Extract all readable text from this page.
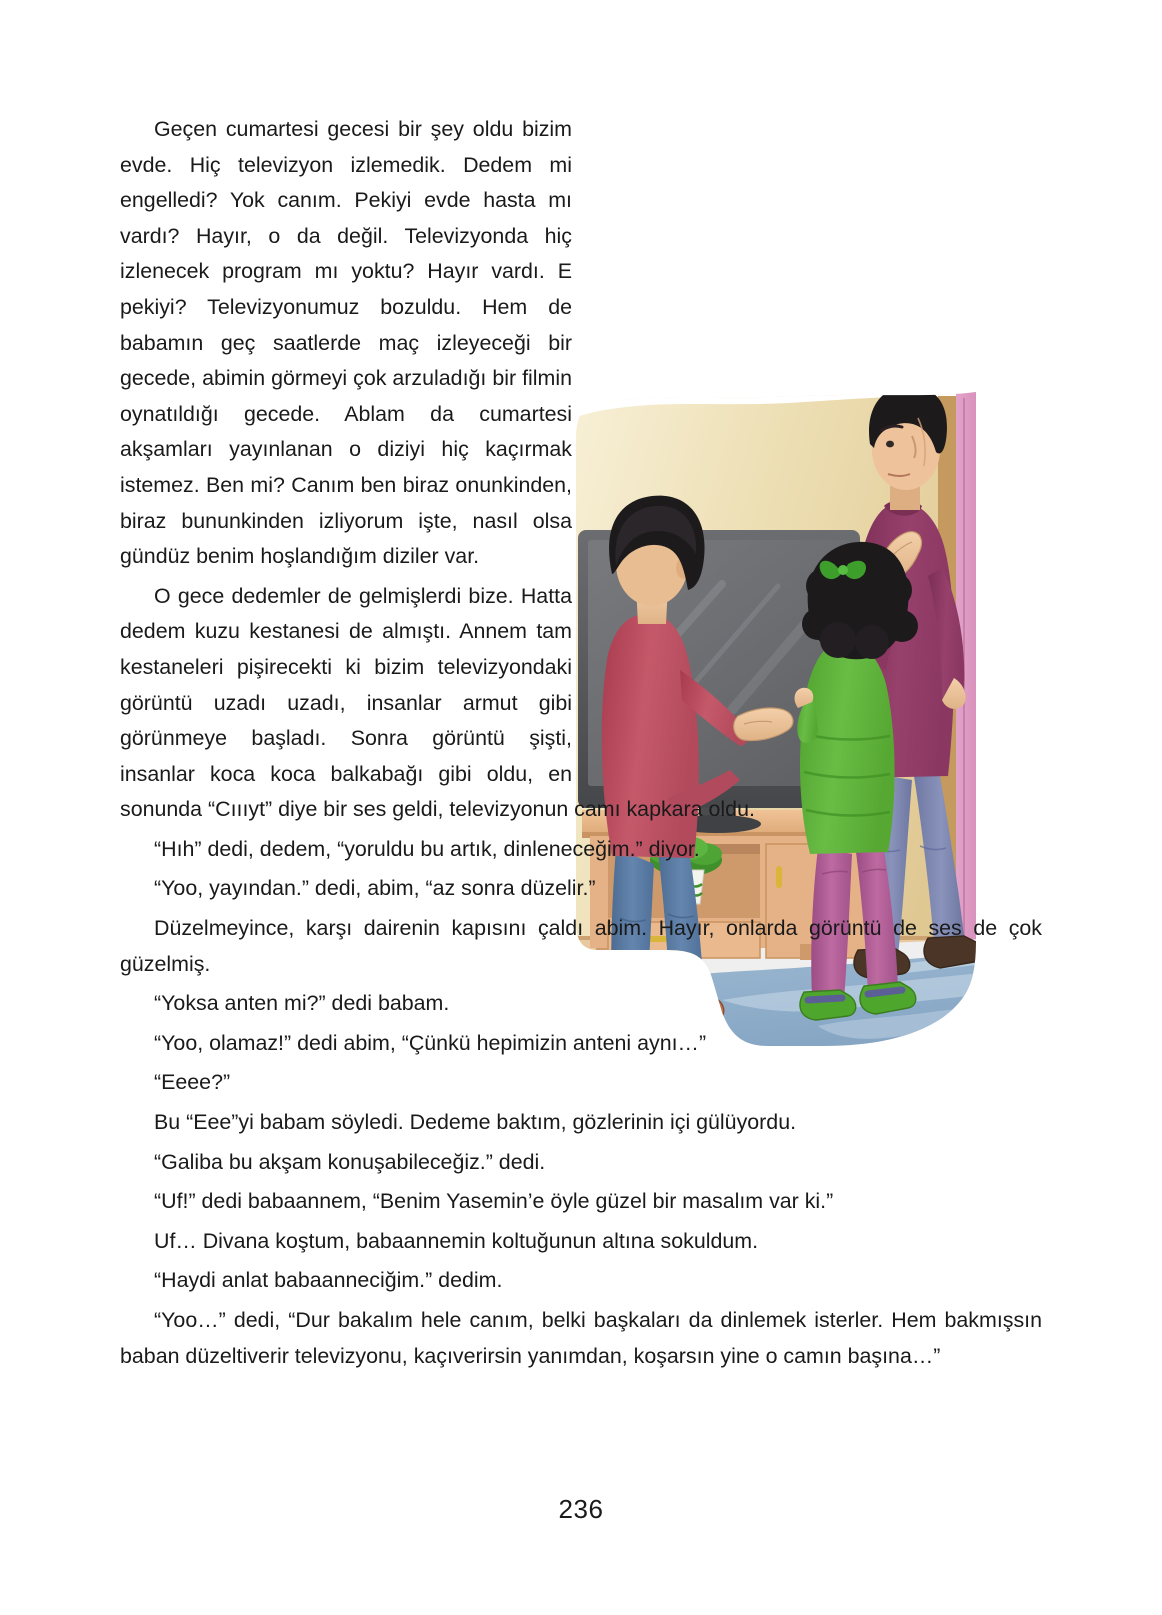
Geçen cumartesi gecesi bir şey oldu bizim evde. Hiç televizyon izlemedik. Dedem mi engelledi? Yok canım. Pekiyi evde hasta mı vardı? Hayır, o da değil. Televizyonda hiç izlenecek program mı yoktu? Hayır vardı. E pekiyi? Televizyonumuz bozuldu. Hem de babamın geç saatlerde maç izleyeceği bir gecede, abimin görmeyi çok arzuladığı bir filmin oynatıldığı gecede. Ablam da cumartesi akşamları yayınlanan o diziyi hiç kaçırmak istemez. Ben mi? Canım ben biraz onunkinden, biraz bununkinden izliyorum işte, nasıl olsa gündüz benim hoşlandığım diziler var.

O gece dedemler de gelmişlerdi bize. Hatta dedem kuzu kestanesi de almıştı. Annem tam kestaneleri pişirecekti ki bizim televizyondaki görüntü uzadı uzadı, insanlar armut gibi görünmeye başladı. Sonra görüntü şişti, insanlar koca koca balkabağı gibi oldu, en sonunda “Cıııyt” diye bir ses geldi, televizyonun camı kapkara oldu.

“Hıh” dedi, dedem, “yoruldu bu artık, dinleneceğim.” diyor.

“Yoo, yayından.” dedi, abim, “az sonra düzelir.”

Düzelmeyince, karşı dairenin kapısını çaldı abim. Hayır, onlarda görüntü de ses de çok güzelmiş.

“Yoksa anten mi?” dedi babam.

“Yoo, olamaz!” dedi abim, “Çünkü hepimizin anteni aynı…”

“Eeee?”

Bu “Eee”yi babam söyledi. Dedeme baktım, gözlerinin içi gülüyordu.

“Galiba bu akşam konuşabileceğiz.” dedi.

“Uf!” dedi babaannem, “Benim Yasemin’e öyle güzel bir masalım var ki.”

Uf… Divana koştum, babaannemin koltuğunun altına sokuldum.

“Haydi anlat babaanneciğim.” dedim.

“Yoo…” dedi, “Dur bakalım hele canım, belki başkaları da dinlemek isterler. Hem bakmışsın baban düzeltiverir televizyonu, kaçıverirsin yanımdan, koşarsın yine o camın başına…”

236
